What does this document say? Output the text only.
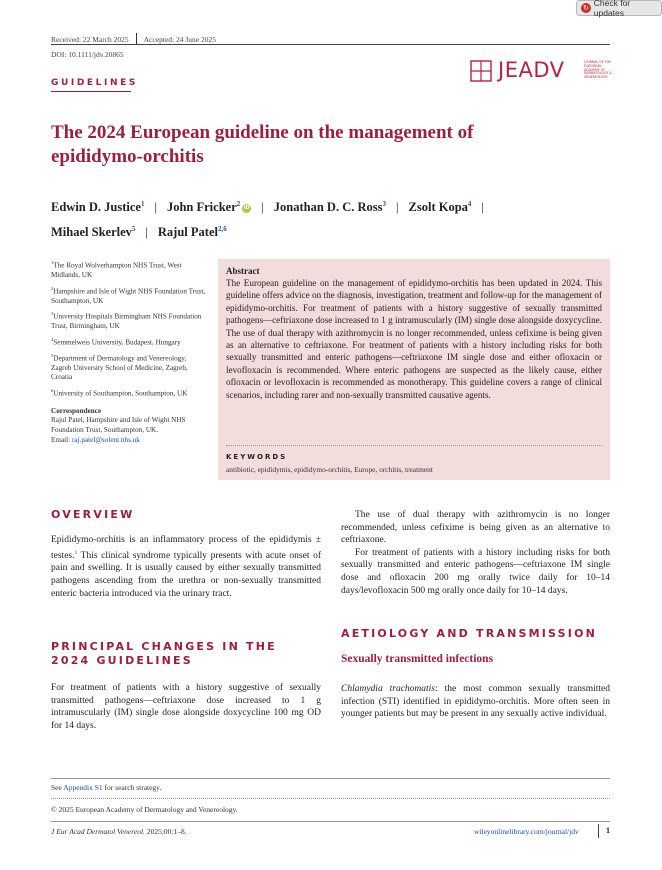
↻
Check for updates
Received: 22 March 2025 Accepted: 24 June 2025
DOI: 10.1111/jdv.20865
GUIDELINES
JEADV	JOURNAL OF THE EUROPEAN ACADEMY OF DERMATOLOGY & VENEREOLOGY
The 2024 European guideline on the management of epididymo-orchitis
Edwin D. Justice$^1$ | John Fricker$^2$ iD | Jonathan D. C. Ross$^3$ | Zsolt Kopa$^4$ |
Mihael Skerlev$^5$ | Rajul Patel$^{2,6}$
$^1$The Royal Wolverhampton NHS Trust, West Midlands, UK
$^2$Hampshire and Isle of Wight NHS Foundation Trust, Southampton, UK
$^3$University Hospitals Birmingham NHS Foundation Trust, Birmingham, UK
$^4$Semmelweis University, Budapest, Hungary
$^5$Department of Dermatology and Venereology, Zagreb University School of Medicine, Zagreb, Croatia
$^6$University of Southampton, Southampton, UK
Correspondence
Rajul Patel, Hampshire and Isle of Wight NHS Foundation Trust, Southampton, UK.
Email: raj.patel@solent.nhs.uk
Abstract
The European guideline on the management of epididymo-orchitis has been updated in 2024. This guideline offers advice on the diagnosis, investigation, treatment and follow-up for the management of epididymo-orchitis. For treatment of patients with a history suggestive of sexually transmitted pathogens—ceftriaxone dose increased to 1 g intramuscularly (IM) single dose alongside doxycycline. The use of dual therapy with azithromycin is no longer recommended, unless cefixime is being given as an alternative to ceftriaxone. For treatment of patients with a history including risks for both sexually transmitted and enteric pathogens—ceftriaxone IM single dose and either ofloxacin or levofloxacin is recommended. Where enteric pathogens are suspected as the likely cause, either ofloxacin or levofloxacin is recommended as monotherapy. This guideline covers a range of clinical scenarios, including rarer and non-sexually transmitted causative agents.
KEYWORDS
antibiotic, epididymis, epididymo-orchitis, Europe, orchitis, treatment
OVERVIEW

Epididymo-orchitis is an inflammatory process of the epididymis ± testes.$^1$ This clinical syndrome typically presents with acute onset of pain and swelling. It is usually caused by either sexually transmitted pathogens ascending from the urethra or non-sexually transmitted enteric bacteria introduced via the urinary tract.

PRINCIPAL CHANGES IN THE 2024 GUIDELINES

For treatment of patients with a history suggestive of sexually transmitted pathogens—ceftriaxone dose increased to 1 g intramuscularly (IM) single dose alongside doxycycline 100 mg OD for 14 days.

The use of dual therapy with azithromycin is no longer recommended, unless cefixime is being given as an alternative to ceftriaxone.

For treatment of patients with a history including risks for both sexually transmitted and enteric pathogens—ceftriaxone IM single dose and ofloxacin 200 mg orally twice daily for 10–14 days/levofloxacin 500 mg orally once daily for 10–14 days.

AETIOLOGY AND TRANSMISSION
Sexually transmitted infections

Chlamydia trachomatis: the most common sexually transmitted infection (STI) identified in epididymo-orchitis. More often seen in younger patients but may be present in any sexually active individual.

See Appendix S1 for search strategy.
© 2025 European Academy of Dermatology and Venereology.
J Eur Acad Dermatol Venereol. 2025;00:1–8.	wileyonlinelibrary.com/journal/jdv	1
